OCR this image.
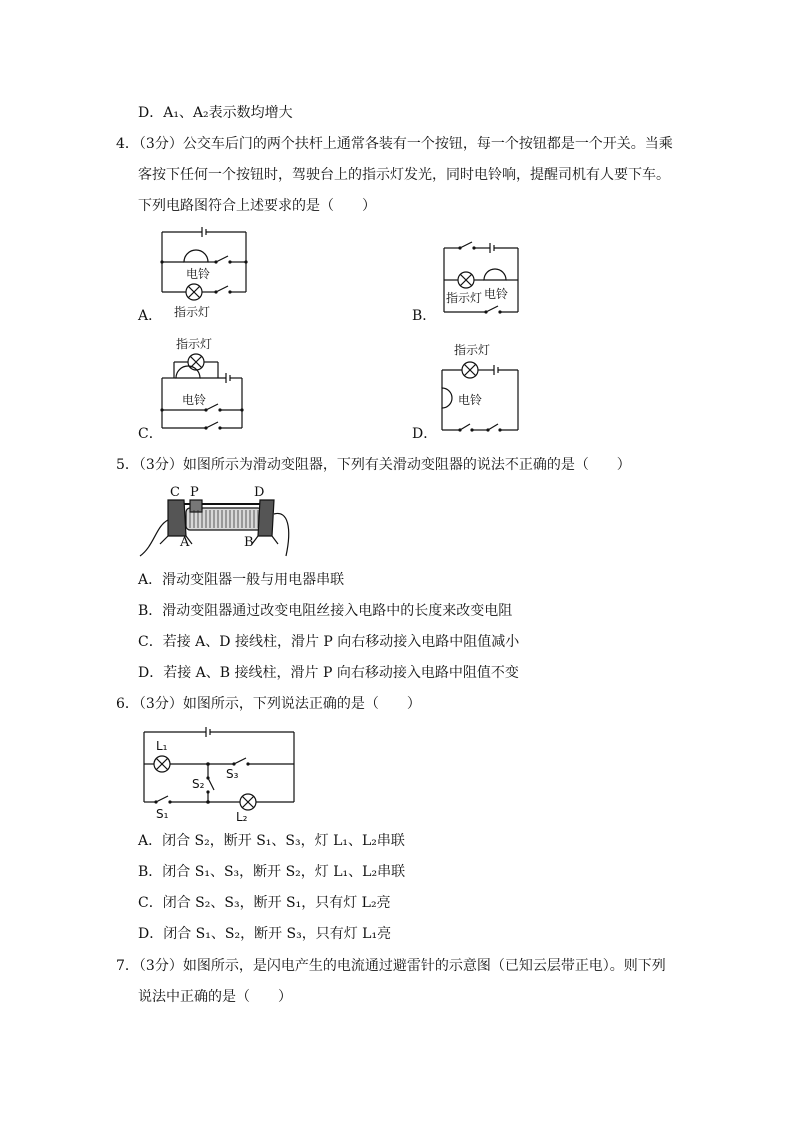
D．A₁、A₂表示数均增大
4．（3分）公交车后门的两个扶杆上通常各装有一个按钮，每一个按钮都是一个开关。当乘
客按下任何一个按钮时，驾驶台上的指示灯发光，同时电铃响，提醒司机有人要下车。
下列电路图符合上述要求的是（　　）
A．	B．
C．	D．
电铃
指示灯
电铃
指示灯
指示灯
电铃
指示灯
电铃
5．（3分）如图所示为滑动变阻器，下列有关滑动变阻器的说法不正确的是（　　）
C P	D
A	B
A．滑动变阻器一般与用电器串联
B．滑动变阻器通过改变电阻丝接入电路中的长度来改变电阻
C．若接 A、D 接线柱，滑片 P 向右移动接入电路中阻值减小
D．若接 A、B 接线柱，滑片 P 向右移动接入电路中阻值不变
6．（3分）如图所示，下列说法正确的是（　　）
L₁
S₃
S₂
S₁	L₂
A．闭合 S₂，断开 S₁、S₃，灯 L₁、L₂串联
B．闭合 S₁、S₃，断开 S₂，灯 L₁、L₂串联
C．闭合 S₂、S₃，断开 S₁，只有灯 L₂亮
D．闭合 S₁、S₂，断开 S₃，只有灯 L₁亮
7．（3分）如图所示，是闪电产生的电流通过避雷针的示意图（已知云层带正电）。则下列
说法中正确的是（　　）
